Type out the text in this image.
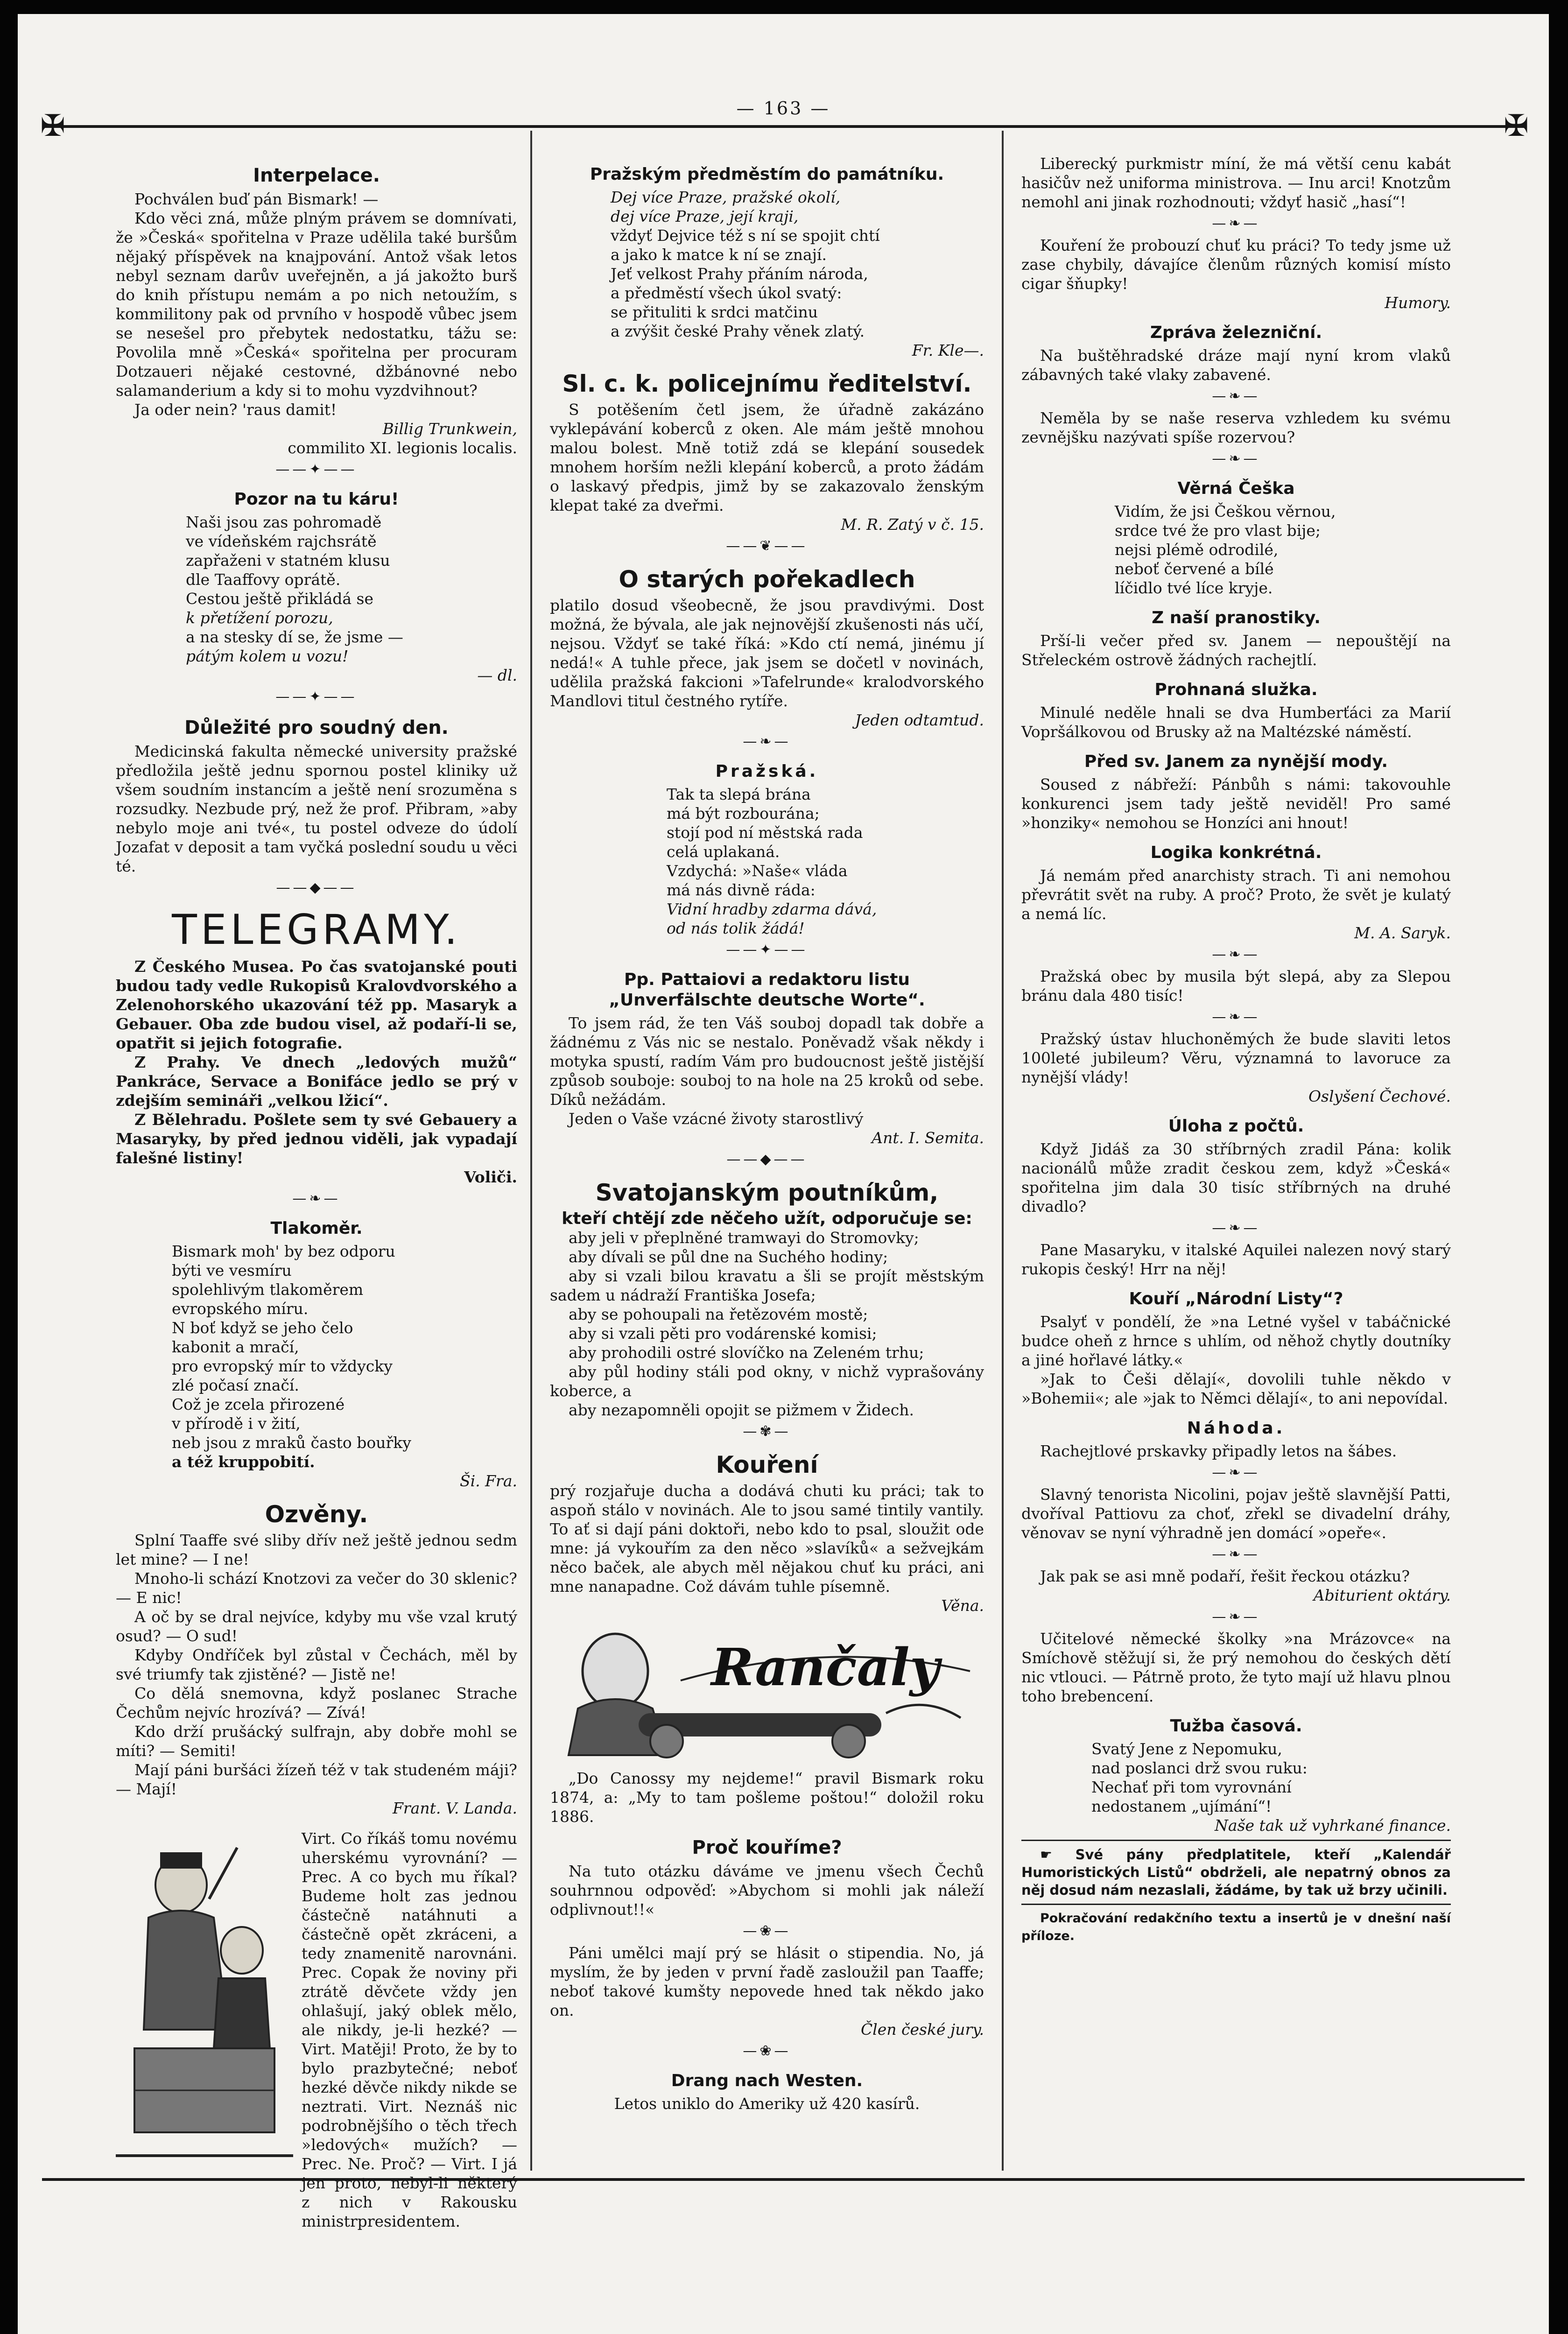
— 163 —
✠	✠
Interpelace.

Pochválen buď pán Bismark! —

Kdo věci zná, může plným právem se domnívati, že »Česká« spořitelna v Praze udělila také buršům nějaký příspěvek na knajpování. Antož však letos nebyl seznam darův uveřejněn, a já jakožto burš do knih přístupu nemám a po nich netoužím, s kommilitony pak od prvního v hospodě vůbec jsem se nesešel pro přebytek nedostatku, tážu se: Povolila mně »Česká« spořitelna per procuram Dotzaueri nějaké cestovné, džbánovné nebo salamanderium a kdy si to mohu vyzdvihnout?

Ja oder nein? 'raus damit!

Billig Trunkwein,

commilito XI. legionis localis.

——✦——
Pozor na tu káru!
Naši jsou zas pohromadě
ve vídeňském rajchsrátě
zapřaženi v statném klusu
dle Taaffovy oprátě.
Cestou ještě přikládá se
k přetížení porozu,
a na stesky dí se, že jsme —
pátým kolem u vozu!

— dl.

——✦——
Důležité pro soudný den.

Medicinská fakulta německé university pražské předložila ještě jednu spornou postel kliniky už všem soudním instancím a ještě není srozuměna s rozsudky. Nezbude prý, než že prof. Přibram, »aby nebylo moje ani tvé«, tu postel odveze do údolí Jozafat v deposit a tam vyčká poslední soudu u věci té.

——◆——
TELEGRAMY.

Z Českého Musea. Po čas svatojanské pouti budou tady vedle Rukopisů Kralovdvorského a Zelenohorského ukazování též pp. Masaryk a Gebauer. Oba zde budou visel, až podaří-li se, opatřit si jejich fotografie.

Z Prahy. Ve dnech „ledových mužů“ Pankráce, Servace a Bonifáce jedlo se prý v zdejším semináři „velkou lžicí“.

Z Bělehradu. Pošlete sem ty své Gebauery a Masaryky, by před jednou viděli, jak vypadají falešné listiny!

Voliči.

—❧—
Tlakoměr.
Bismark moh' by bez odporu
býti ve vesmíru
spolehlivým tlakoměrem
evropského míru.
N boť když se jeho čelo
kabonit a mračí,
pro evropský mír to vždycky
zlé počasí značí.
Což je zcela přirozené
v přírodě i v žití,
neb jsou z mraků často bouřky
a též kruppobití.

Ši. Fra.

Ozvěny.

Splní Taaffe své sliby dřív než ještě jednou sedm let mine? — I ne!

Mnoho-li schází Knotzovi za večer do 30 sklenic? — E nic!

A oč by se dral nejvíce, kdyby mu vše vzal krutý osud? — O sud!

Kdyby Ondříček byl zůstal v Čechách, měl by své triumfy tak zjistěné? — Jistě ne!

Co dělá snemovna, když poslanec Strache Čechům nejvíc hrozívá? — Zívá!

Kdo drží prušácký sulfrajn, aby dobře mohl se míti? — Semiti!

Mají páni buršáci žízeň též v tak studeném máji? — Mají!

Frant. V. Landa.

Virt. Co říkáš tomu novému uherskému vyrovnání? — Prec. A co bych mu říkal? Budeme holt zas jednou částečně natáhnuti a částečně opět zkráceni, a tedy znamenitě narovnáni. Prec. Copak že noviny při ztrátě děvčete vždy jen ohlašují, jaký oblek mělo, ale nikdy, je-li hezké? — Virt. Matěji! Proto, že by to bylo prazbytečné; neboť hezké děvče nikdy nikde se neztrati. Virt. Neznáš nic podrobnějšího o těch třech »ledových« mužích? — Prec. Ne. Proč? — Virt. I já jen proto, nebyl-li některý z nich v Rakousku ministrpresidentem.

Pražským předměstím do památníku.
Dej více Praze, pražské okolí,
dej více Praze, její kraji,
vždyť Dejvice též s ní se spojit chtí
a jako k matce k ní se znají.
Jeť velkost Prahy přáním národa,
a předměstí všech úkol svatý:
se přituliti k srdci matčinu
a zvýšit české Prahy věnek zlatý.

Fr. Kle—.

Sl. c. k. policejnímu ředitelství.

S potěšením četl jsem, že úřadně zakázáno vyklepávání koberců z oken. Ale mám ještě mnohou malou bolest. Mně totiž zdá se klepání sousedek mnohem horším nežli klepání koberců, a proto žádám o laskavý předpis, jimž by se zakazovalo ženským klepat také za dveřmi.

M. R. Zatý v č. 15.

——❦——
O starých pořekadlech

platilo dosud všeobecně, že jsou pravdivými. Dost možná, že bývala, ale jak nejnovější zkušenosti nás učí, nejsou. Vždyť se také říká: »Kdo ctí nemá, jinému jí nedá!« A tuhle přece, jak jsem se dočetl v novinách, udělila pražská fakcioni »Tafelrunde« kralodvorského Mandlovi titul čestného rytíře.

Jeden odtamtud.

—❧—
Pražská.
Tak ta slepá brána
má být rozbourána;
stojí pod ní městská rada
celá uplakaná.
Vzdychá: »Naše« vláda
má nás divně ráda:
Vidní hradby zdarma dává,
od nás tolik žádá!
——✦——
Pp. Pattaiovi a redaktoru listu „Unverfälschte deutsche Worte“.

To jsem rád, že ten Váš souboj dopadl tak dobře a žádnému z Vás nic se nestalo. Poněvadž však někdy i motyka spustí, radím Vám pro budoucnost ještě jistější způsob souboje: souboj to na hole na 25 kroků od sebe. Díků nežádám.

Jeden o Vaše vzácné životy starostlivý

Ant. I. Semita.

——◆——
Svatojanským poutníkům,

kteří chtějí zde něčeho užít, odporučuje se:

aby jeli v přeplněné tramwayi do Stromovky;

aby dívali se půl dne na Suchého hodiny;

aby si vzali bilou kravatu a šli se projít městským sadem u nádraží Františka Josefa;

aby se pohoupali na řetězovém mostě;

aby si vzali pěti pro vodárenské komisi;

aby prohodili ostré slovíčko na Zeleném trhu;

aby půl hodiny stáli pod okny, v nichž vyprašovány koberce, a

aby nezapomněli opojit se pižmem v Židech.

—✾—
Kouření

prý rozjařuje ducha a dodává chuti ku práci; tak to aspoň stálo v novinách. Ale to jsou samé tintily vantily. To ať si dají páni doktoři, nebo kdo to psal, sloužit ode mne: já vykouřím za den něco »slavíků« a sežvejkám něco baček, ale abych měl nějakou chuť ku práci, ani mne nanapadne. Což dávám tuhle písemně.

Věna.

Rančaly

„Do Canossy my nejdeme!“ pravil Bismark roku 1874, a: „My to tam pošleme poštou!“ doložil roku 1886.

Proč kouříme?

Na tuto otázku dáváme ve jmenu všech Čechů souhrnnou odpověď: »Abychom si mohli jak náleží odplivnout!!«

—❀—

Páni umělci mají prý se hlásit o stipendia. No, já myslím, že by jeden v první řadě zasloužil pan Taaffe; neboť takové kumšty nepovede hned tak někdo jako on.

Člen české jury.

—❀—
Drang nach Westen.

Letos uniklo do Ameriky už 420 kasírů.

Liberecký purkmistr míní, že má větší cenu kabát hasičův než uniforma ministrova. — Inu arci! Knotzům nemohl ani jinak rozhodnouti; vždyť hasič „hasí“!

—❧—

Kouření že probouzí chuť ku práci? To tedy jsme už zase chybily, dávajíce členům různých komisí místo cigar šňupky!

Humory.

Zpráva železniční.

Na buštěhradské dráze mají nyní krom vlaků zábavných také vlaky zabavené.

—❧—

Neměla by se naše reserva vzhledem ku svému zevnějšku nazývati spíše rozervou?

—❧—
Věrná Češka
Vidím, že jsi Češkou věrnou,
srdce tvé že pro vlast bije;
nejsi plémě odrodilé,
neboť červené a bílé
líčidlo tvé líce kryje.
Z naší pranostiky.

Prší-li večer před sv. Janem — nepouštějí na Střeleckém ostrově žádných rachejtlí.

Prohnaná služka.

Minulé neděle hnali se dva Humberťáci za Marií Vopršálkovou od Brusky až na Maltézské náměstí.

Před sv. Janem za nynější mody.

Soused z nábřeží: Pánbůh s námi: takovouhle konkurenci jsem tady ještě neviděl! Pro samé »honziky« nemohou se Honzíci ani hnout!

Logika konkrétná.

Já nemám před anarchisty strach. Ti ani nemohou převrátit svět na ruby. A proč? Proto, že svět je kulatý a nemá líc.

M. A. Saryk.

—❧—

Pražská obec by musila být slepá, aby za Slepou bránu dala 480 tisíc!

—❧—

Pražský ústav hluchoněmých že bude slaviti letos 100leté jubileum? Věru, významná to lavoruce za nynější vlády!

Oslyšení Čechové.

Úloha z počtů.

Když Jidáš za 30 stříbrných zradil Pána: kolik nacionálů může zradit českou zem, když »Česká« spořitelna jim dala 30 tisíc stříbrných na druhé divadlo?

—❧—

Pane Masaryku, v italské Aquilei nalezen nový starý rukopis český! Hrr na něj!

Kouří „Národní Listy“?

Psalyť v pondělí, že »na Letné vyšel v tabáčnické budce oheň z hrnce s uhlím, od něhož chytly doutníky a jiné hořlavé látky.«

»Jak to Češi dělají«, dovolili tuhle někdo v »Bohemii«; ale »jak to Němci dělají«, to ani nepovídal.

Náhoda.

Rachejtlové prskavky připadly letos na šábes.

—❧—

Slavný tenorista Nicolini, pojav ještě slavnější Patti, dvoříval Pattiovu za choť, zřekl se divadelní dráhy, věnovav se nyní výhradně jen domácí »opeře«.

—❧—

Jak pak se asi mně podaří, řešit řeckou otázku?

Abiturient oktáry.

—❧—

Učitelové německé školky »na Mrázovce« na Smíchově stěžují si, že prý nemohou do českých dětí nic vtlouci. — Pátrně proto, že tyto mají už hlavu plnou toho brebencení.

Tužba časová.
Svatý Jene z Nepomuku,
nad poslanci drž svou ruku:
Nechať při tom vyrovnání
nedostanem „ujímání“!

Naše tak už vyhrkané finance.

☛ Své pány předplatitele, kteří „Kalendář Humoristických Listů“ obdrželi, ale nepatrný obnos za něj dosud nám nezaslali, žádáme, by tak už brzy učinili.

Pokračování redakčního textu a insertů je v dnešní naší příloze.
